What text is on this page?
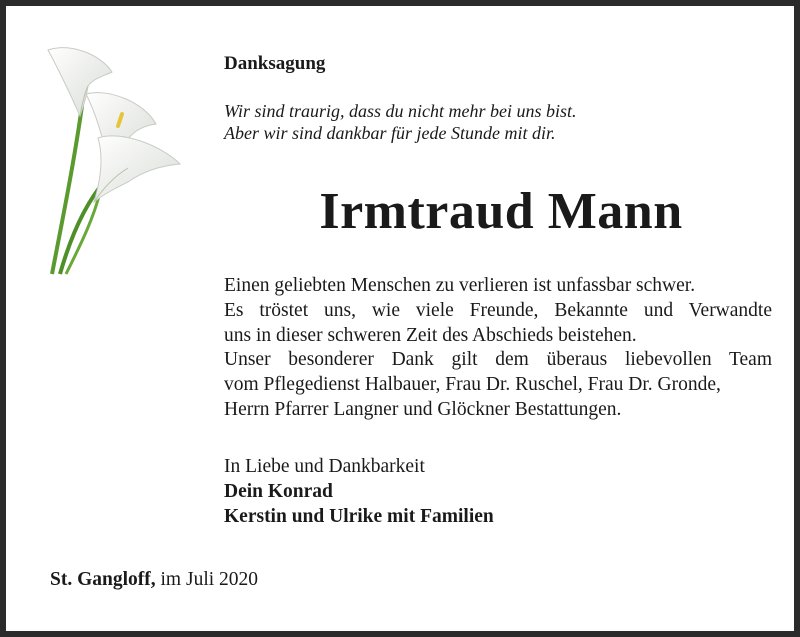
Danksagung
Wir sind traurig, dass du nicht mehr bei uns bist.
Aber wir sind dankbar für jede Stunde mit dir.
Irmtraud Mann
Einen geliebten Menschen zu verlieren ist unfassbar schwer.
Es tröstet uns, wie viele Freunde, Bekannte und Verwandte
uns in dieser schweren Zeit des Abschieds beistehen.
Unser besonderer Dank gilt dem überaus liebevollen Team
vom Pflegedienst Halbauer, Frau Dr. Ruschel, Frau Dr. Gronde,
Herrn Pfarrer Langner und Glöckner Bestattungen.
In Liebe und Dankbarkeit
Dein Konrad
Kerstin und Ulrike mit Familien
St. Gangloff, im Juli 2020
